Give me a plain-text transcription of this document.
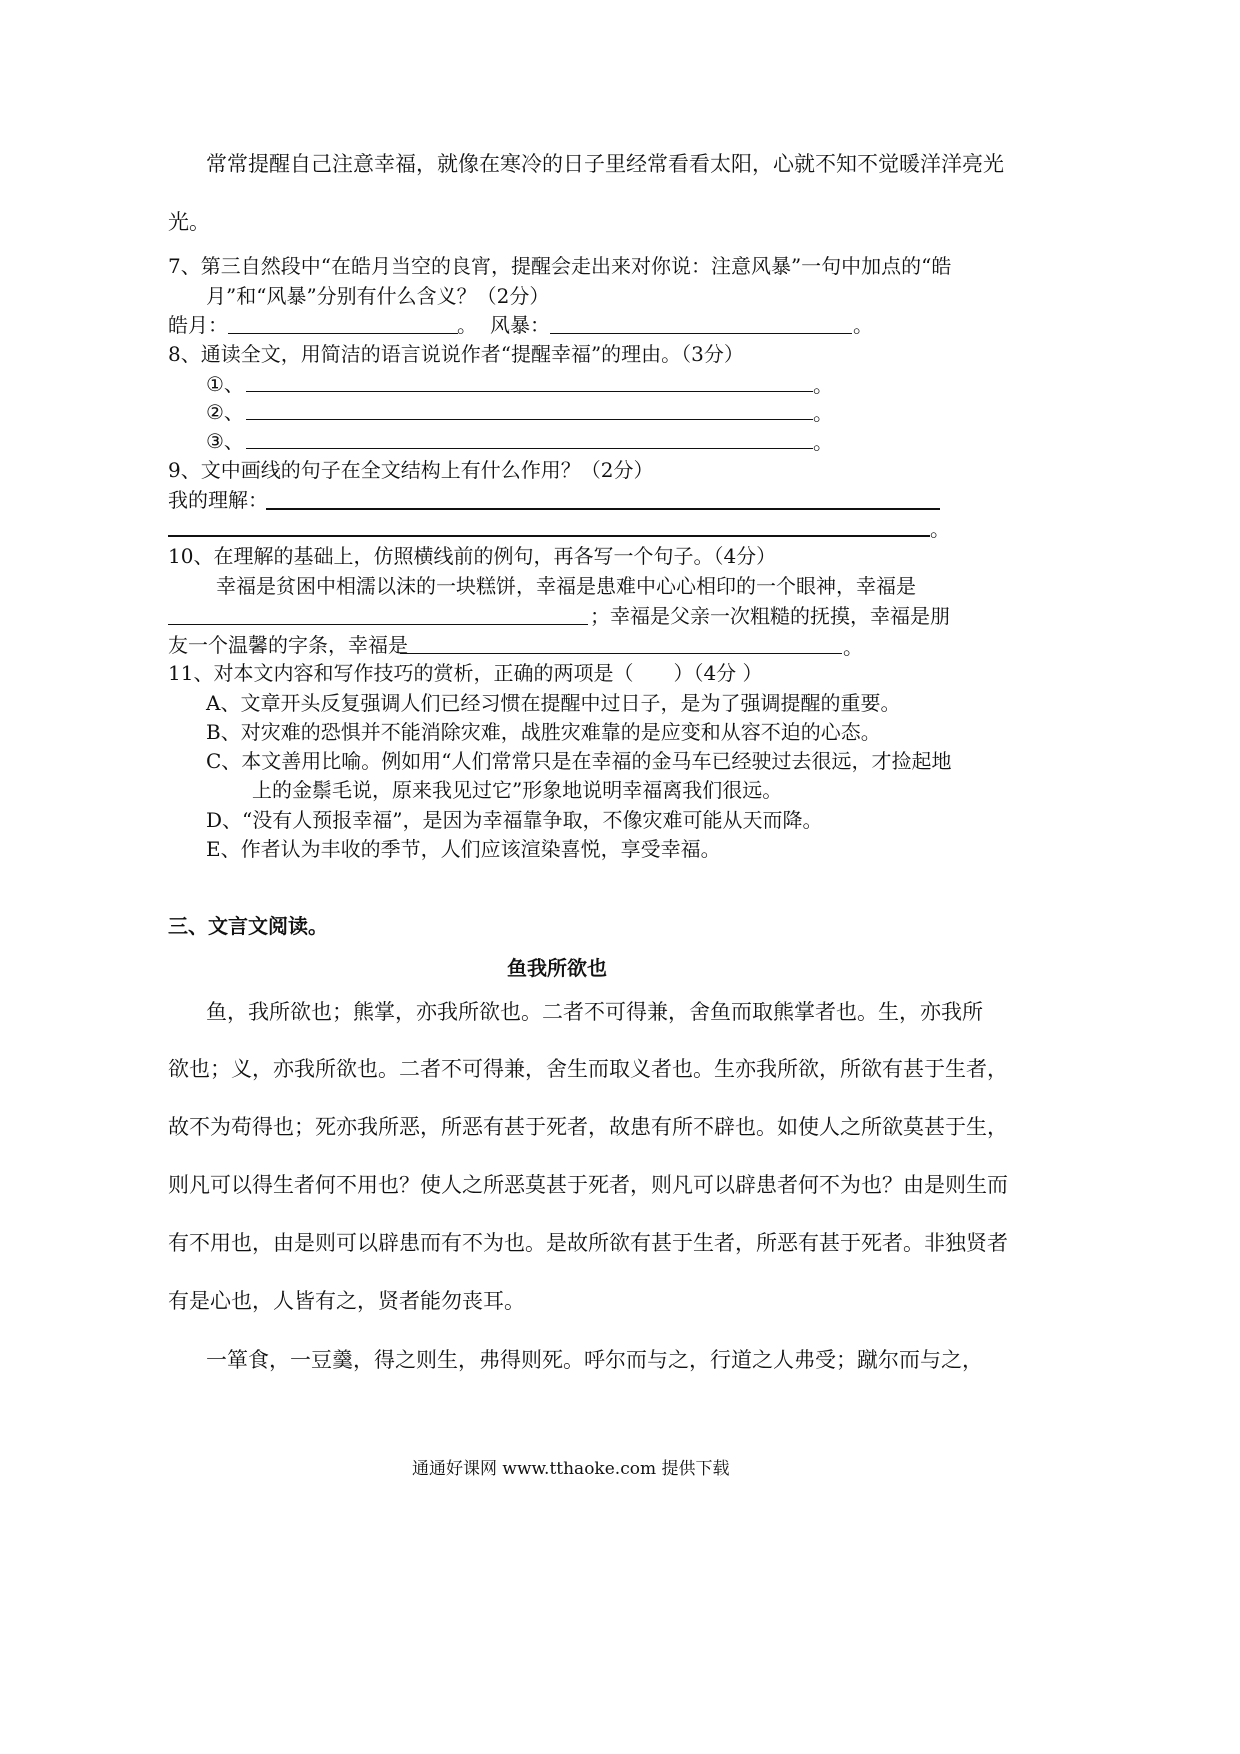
常常提醒自己注意幸福，就像在寒冷的日子里经常看看太阳，心就不知不觉暖洋洋亮光
光。
7、第三自然段中“在皓月当空的良宵，提醒会走出来对你说：注意风暴”一句中加点的“皓
月”和“风暴”分别有什么含义？（2分）
皓月：	。 风暴：	。
8、通读全文，用简洁的语言说说作者“提醒幸福”的理由。（3分）
①、	。
②、	。
③、	。
9、文中画线的句子在全文结构上有什么作用？（2分）
我的理解：
。
10、在理解的基础上，仿照横线前的例句，再各写一个句子。（4分）
幸福是贫困中相濡以沫的一块糕饼，幸福是患难中心心相印的一个眼神，幸福是
；幸福是父亲一次粗糙的抚摸，幸福是朋
友一个温馨的字条，幸福是	。
11、对本文内容和写作技巧的赏析，正确的两项是（　　）（4分 ）
A、文章开头反复强调人们已经习惯在提醒中过日子，是为了强调提醒的重要。
B、对灾难的恐惧并不能消除灾难，战胜灾难靠的是应变和从容不迫的心态。
C、本文善用比喻。例如用“人们常常只是在幸福的金马车已经驶过去很远，才捡起地
上的金鬃毛说，原来我见过它”形象地说明幸福离我们很远。
D、“没有人预报幸福”，是因为幸福靠争取，不像灾难可能从天而降。
E、作者认为丰收的季节，人们应该渲染喜悦，享受幸福。
三、文言文阅读。
鱼我所欲也
鱼，我所欲也；熊掌，亦我所欲也。二者不可得兼，舍鱼而取熊掌者也。生，亦我所
欲也；义，亦我所欲也。二者不可得兼，舍生而取义者也。生亦我所欲，所欲有甚于生者，
故不为苟得也；死亦我所恶，所恶有甚于死者，故患有所不辟也。如使人之所欲莫甚于生，
则凡可以得生者何不用也？使人之所恶莫甚于死者，则凡可以辟患者何不为也？由是则生而
有不用也，由是则可以辟患而有不为也。是故所欲有甚于生者，所恶有甚于死者。非独贤者
有是心也，人皆有之，贤者能勿丧耳。
一箪食，一豆羹，得之则生，弗得则死。呼尔而与之，行道之人弗受；蹴尔而与之，
通通好课网 www.tthaoke.com 提供下载
